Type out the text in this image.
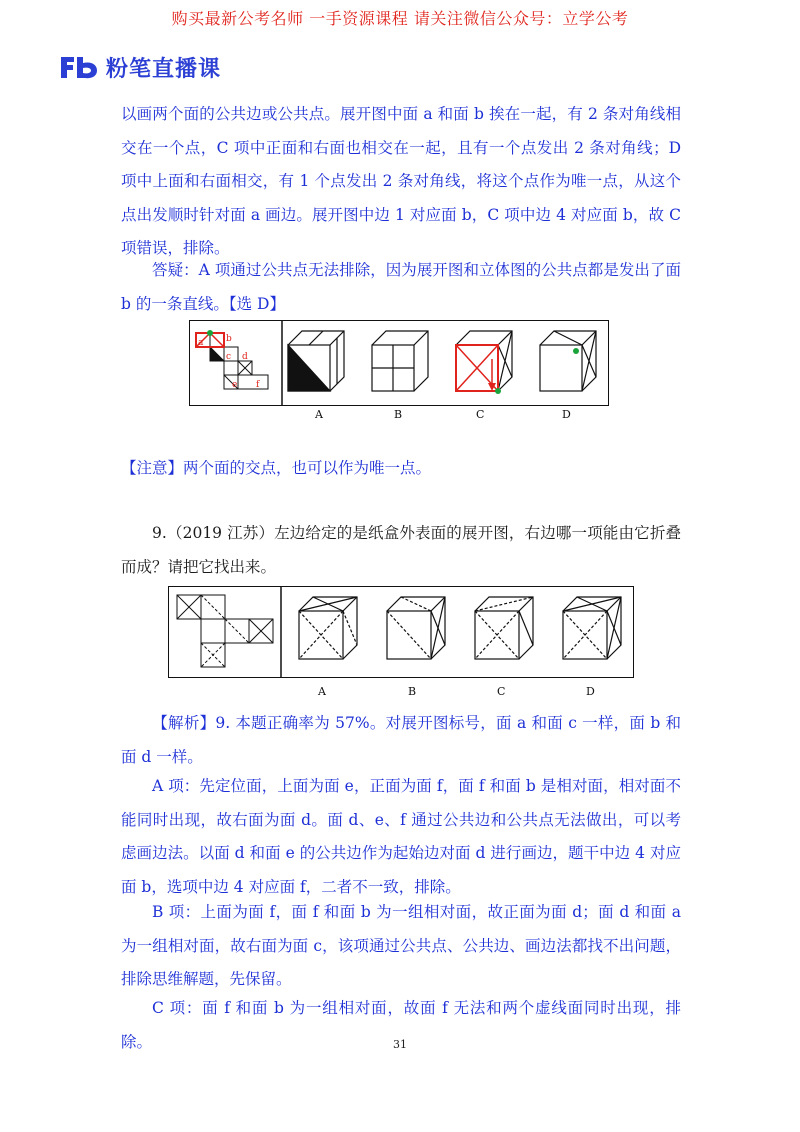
购买最新公考名师 一手资源课程 请关注微信公众号：立学公考
粉笔直播课

以画两个面的公共边或公共点。展开图中面 a 和面 b 挨在一起，有 2 条对角线相交在一个点，C 项中正面和右面也相交在一起，且有一个点发出 2 条对角线；D 项中上面和右面相交，有 1 个点发出 2 条对角线，将这个点作为唯一点，从这个点出发顺时针对面 a 画边。展开图中边 1 对应面 b，C 项中边 4 对应面 b，故 C 项错误，排除。

答疑：A 项通过公共点无法排除，因为展开图和立体图的公共点都是发出了面 b 的一条直线。【选 D】

a	b
c d
e f
A	B	C	D

【注意】两个面的交点，也可以作为唯一点。

9.（2019 江苏）左边给定的是纸盒外表面的展开图，右边哪一项能由它折叠而成？请把它找出来。

A	B	C	D

【解析】9. 本题正确率为 57%。对展开图标号，面 a 和面 c 一样，面 b 和面 d 一样。

A 项：先定位面，上面为面 e，正面为面 f，面 f 和面 b 是相对面，相对面不能同时出现，故右面为面 d。面 d、e、f 通过公共边和公共点无法做出，可以考虑画边法。以面 d 和面 e 的公共边作为起始边对面 d 进行画边，题干中边 4 对应面 b，选项中边 4 对应面 f，二者不一致，排除。

B 项：上面为面 f，面 f 和面 b 为一组相对面，故正面为面 d；面 d 和面 a 为一组相对面，故右面为面 c，该项通过公共点、公共边、画边法都找不出问题，排除思维解题，先保留。

C 项：面 f 和面 b 为一组相对面，故面 f 无法和两个虚线面同时出现，排除。	31
